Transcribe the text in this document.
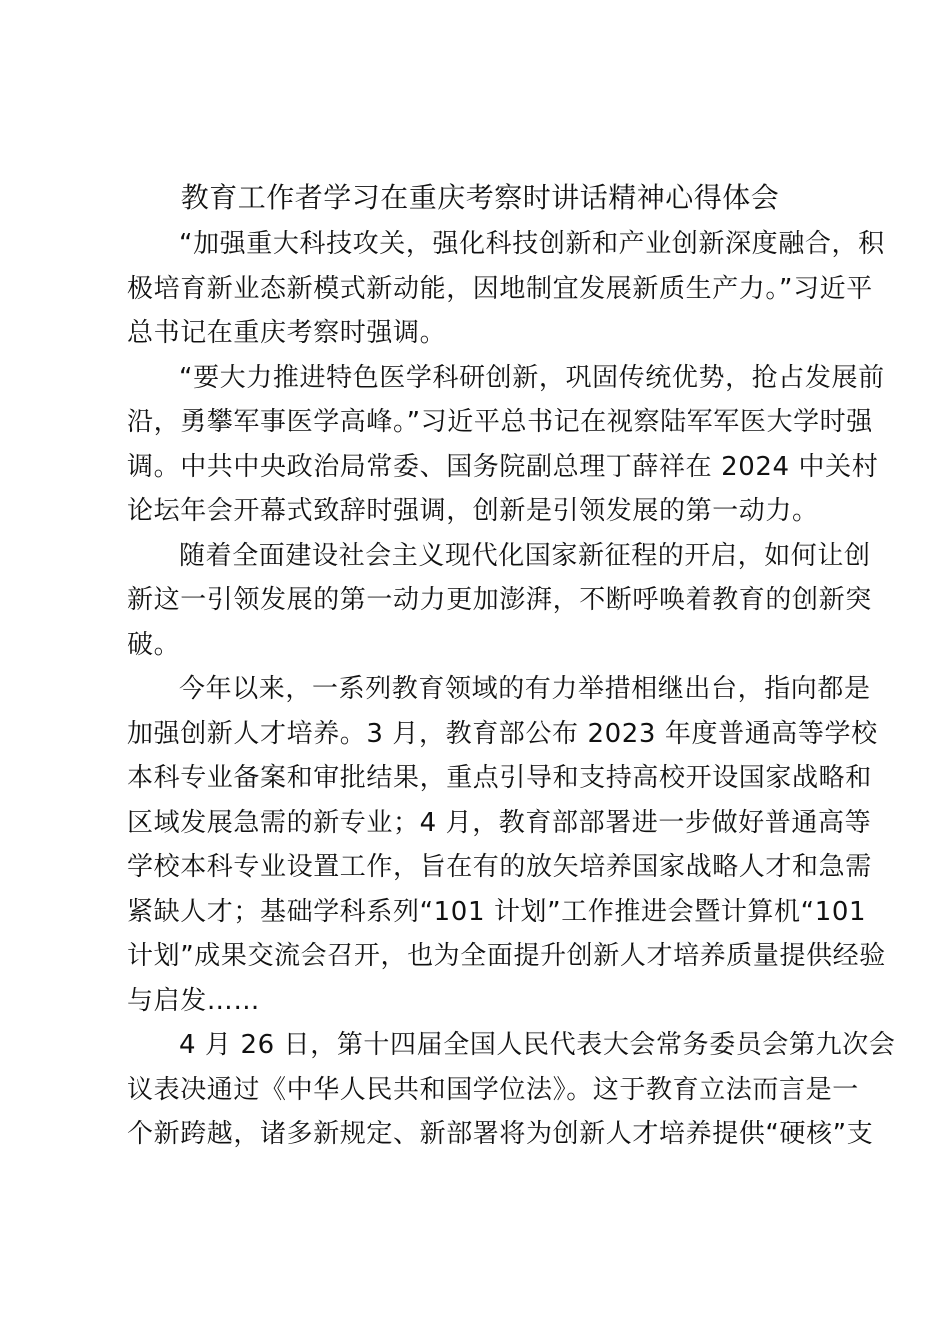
教育工作者学习在重庆考察时讲话精神心得体会
“加强重大科技攻关，强化科技创新和产业创新深度融合，积
极培育新业态新模式新动能，因地制宜发展新质生产力。”习近平
总书记在重庆考察时强调。
“要大力推进特色医学科研创新，巩固传统优势，抢占发展前
沿，勇攀军事医学高峰。”习近平总书记在视察陆军军医大学时强
调。中共中央政治局常委、国务院副总理丁薛祥在 2024 中关村
论坛年会开幕式致辞时强调，创新是引领发展的第一动力。
随着全面建设社会主义现代化国家新征程的开启，如何让创
新这一引领发展的第一动力更加澎湃，不断呼唤着教育的创新突
破。
今年以来，一系列教育领域的有力举措相继出台，指向都是
加强创新人才培养。3 月，教育部公布 2023 年度普通高等学校
本科专业备案和审批结果，重点引导和支持高校开设国家战略和
区域发展急需的新专业；4 月，教育部部署进一步做好普通高等
学校本科专业设置工作，旨在有的放矢培养国家战略人才和急需
紧缺人才；基础学科系列“101 计划”工作推进会暨计算机“101
计划”成果交流会召开，也为全面提升创新人才培养质量提供经验
与启发……
4 月 26 日，第十四届全国人民代表大会常务委员会第九次会
议表决通过《中华人民共和国学位法》。这于教育立法而言是一
个新跨越，诸多新规定、新部署将为创新人才培养提供“硬核”支
